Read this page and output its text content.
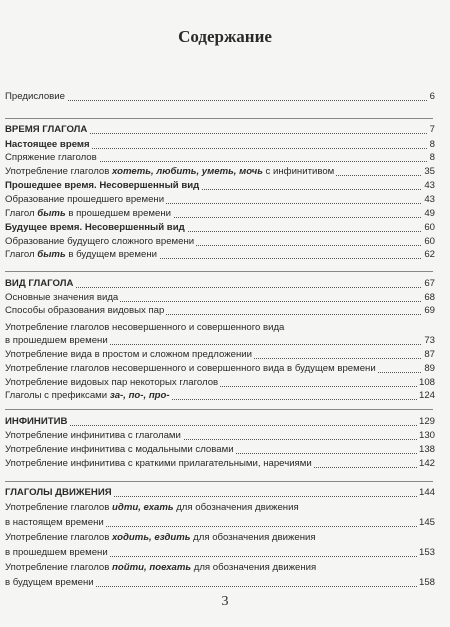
Содержание
Предисловие	6
ВРЕМЯ ГЛАГОЛА	7
Настоящее время	8
Спряжение глаголов	8
Употребление глаголов хотеть, любить, уметь, мочь с инфинитивом	35
Прошедшее время. Несовершенный вид	43
Образование прошедшего времени	43
Глагол быть в прошедшем времени	49
Будущее время. Несовершенный вид	60
Образование будущего сложного времени	60
Глагол быть в будущем времени	62
ВИД ГЛАГОЛА	67
Основные значения вида	68
Способы образования видовых пар	69
Употребление глаголов несовершенного и совершенного вида
в прошедшем времени	73
Употребление вида в простом и сложном предложении	87
Употребление глаголов несовершенного и совершенного вида в будущем времени	89
Употребление видовых пар некоторых глаголов	108
Глаголы с префиксами за-, по-, про-	124
ИНФИНИТИВ	129
Употребление инфинитива с глаголами	130
Употребление инфинитива с модальными словами	138
Употребление инфинитива с краткими прилагательными, наречиями	142
ГЛАГОЛЫ ДВИЖЕНИЯ	144
Употребление глаголов идти, ехать для обозначения движения
в настоящем времени	145
Употребление глаголов ходить, ездить для обозначения движения
в прошедшем времени	153
Употребление глаголов пойти, поехать для обозначения движения
в будущем времени	158
3
